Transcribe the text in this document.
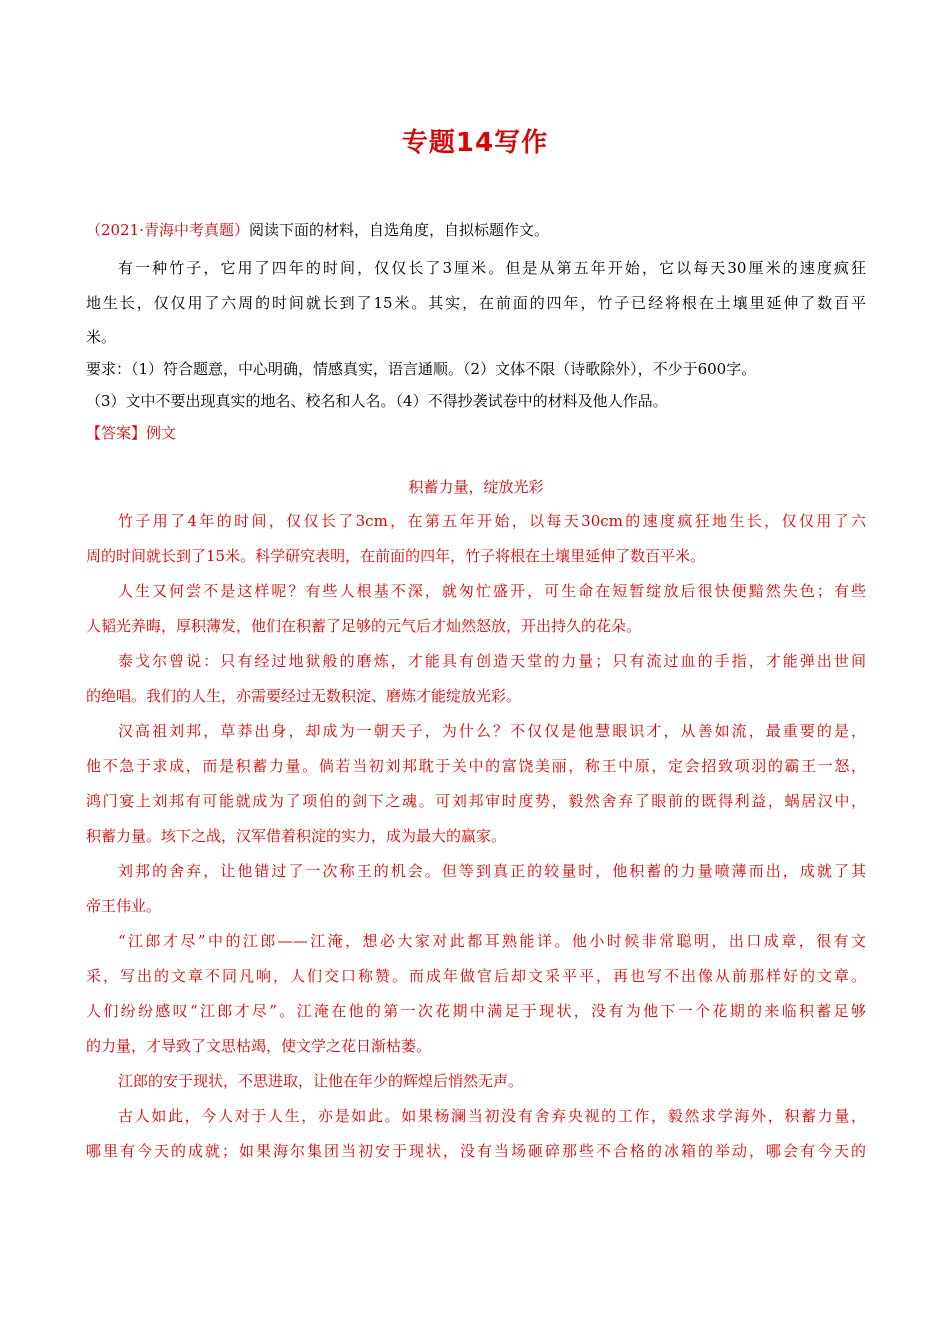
专题14写作
（2021·青海中考真题）阅读下面的材料，自选角度，自拟标题作文。
有一种竹子，它用了四年的时间，仅仅长了3厘米。但是从第五年开始，它以每天30厘米的速度疯狂
地生长，仅仅用了六周的时间就长到了15米。其实，在前面的四年，竹子已经将根在土壤里延伸了数百平
米。
要求：（1）符合题意，中心明确，情感真实，语言通顺。（2）文体不限（诗歌除外），不少于600字。
（3）文中不要出现真实的地名、校名和人名。（4）不得抄袭试卷中的材料及他人作品。
【答案】例文
积蓄力量，绽放光彩
竹子用了4年的时间，仅仅长了3cm，在第五年开始，以每天30cm的速度疯狂地生长，仅仅用了六
周的时间就长到了15米。科学研究表明，在前面的四年，竹子将根在土壤里延伸了数百平米。
人生又何尝不是这样呢？有些人根基不深，就匆忙盛开，可生命在短暂绽放后很快便黯然失色；有些
人韬光养晦，厚积薄发，他们在积蓄了足够的元气后才灿然怒放，开出持久的花朵。
泰戈尔曾说：只有经过地狱般的磨炼，才能具有创造天堂的力量；只有流过血的手指，才能弹出世间
的绝唱。我们的人生，亦需要经过无数积淀、磨炼才能绽放光彩。
汉高祖刘邦，草莽出身，却成为一朝天子，为什么？不仅仅是他慧眼识才，从善如流，最重要的是，
他不急于求成，而是积蓄力量。倘若当初刘邦耽于关中的富饶美丽，称王中原，定会招致项羽的霸王一怒，
鸿门宴上刘邦有可能就成为了项伯的剑下之魂。可刘邦审时度势，毅然舍弃了眼前的既得利益，蜗居汉中，
积蓄力量。垓下之战，汉军借着积淀的实力，成为最大的赢家。
刘邦的舍弃，让他错过了一次称王的机会。但等到真正的较量时，他积蓄的力量喷薄而出，成就了其
帝王伟业。
“江郎才尽”中的江郎——江淹，想必大家对此都耳熟能详。他小时候非常聪明，出口成章，很有文
采，写出的文章不同凡响，人们交口称赞。而成年做官后却文采平平，再也写不出像从前那样好的文章。
人们纷纷感叹“江郎才尽”。江淹在他的第一次花期中满足于现状，没有为他下一个花期的来临积蓄足够
的力量，才导致了文思枯竭，使文学之花日渐枯萎。
江郎的安于现状，不思进取，让他在年少的辉煌后悄然无声。
古人如此，今人对于人生，亦是如此。如果杨澜当初没有舍弃央视的工作，毅然求学海外，积蓄力量，
哪里有今天的成就；如果海尔集团当初安于现状，没有当场砸碎那些不合格的冰箱的举动，哪会有今天的
